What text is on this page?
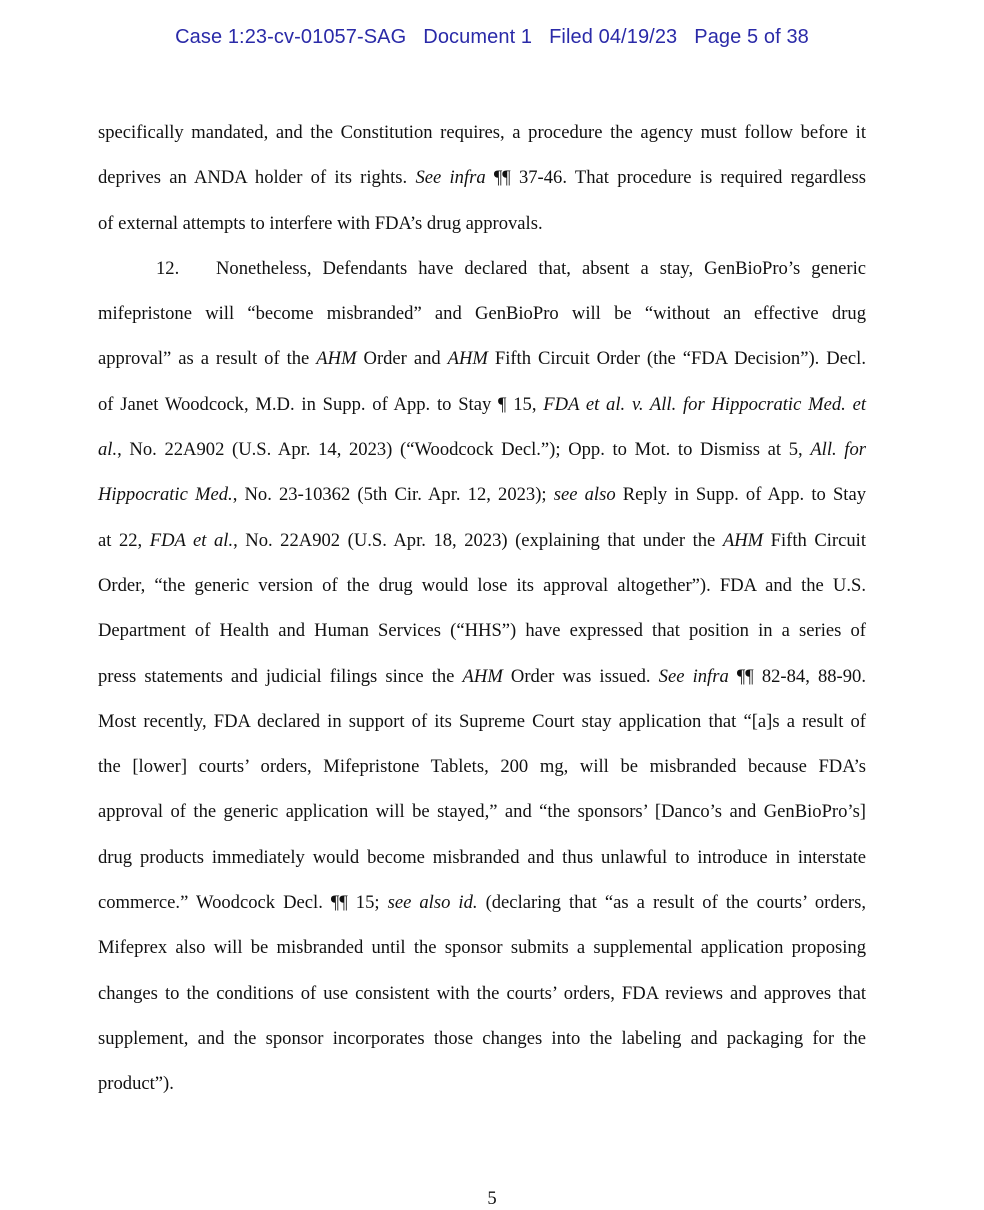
Case 1:23-cv-01057-SAG Document 1 Filed 04/19/23 Page 5 of 38
specifically mandated, and the Constitution requires, a procedure the agency must follow before it
deprives an ANDA holder of its rights. See infra ¶¶ 37-46. That procedure is required regardless
of external attempts to interfere with FDA’s drug approvals.
12. Nonetheless, Defendants have declared that, absent a stay, GenBioPro’s generic
mifepristone will “become misbranded” and GenBioPro will be “without an effective drug
approval” as a result of the AHM Order and AHM Fifth Circuit Order (the “FDA Decision”). Decl.
of Janet Woodcock, M.D. in Supp. of App. to Stay ¶ 15, FDA et al. v. All. for Hippocratic Med. et
al., No. 22A902 (U.S. Apr. 14, 2023) (“Woodcock Decl.”); Opp. to Mot. to Dismiss at 5, All. for
Hippocratic Med., No. 23-10362 (5th Cir. Apr. 12, 2023); see also Reply in Supp. of App. to Stay
at 22, FDA et al., No. 22A902 (U.S. Apr. 18, 2023) (explaining that under the AHM Fifth Circuit
Order, “the generic version of the drug would lose its approval altogether”). FDA and the U.S.
Department of Health and Human Services (“HHS”) have expressed that position in a series of
press statements and judicial filings since the AHM Order was issued. See infra ¶¶ 82-84, 88-90.
Most recently, FDA declared in support of its Supreme Court stay application that “[a]s a result of
the [lower] courts’ orders, Mifepristone Tablets, 200 mg, will be misbranded because FDA’s
approval of the generic application will be stayed,” and “the sponsors’ [Danco’s and GenBioPro’s]
drug products immediately would become misbranded and thus unlawful to introduce in interstate
commerce.” Woodcock Decl. ¶¶ 15; see also id. (declaring that “as a result of the courts’ orders,
Mifeprex also will be misbranded until the sponsor submits a supplemental application proposing
changes to the conditions of use consistent with the courts’ orders, FDA reviews and approves that
supplement, and the sponsor incorporates those changes into the labeling and packaging for the
product”).
5
